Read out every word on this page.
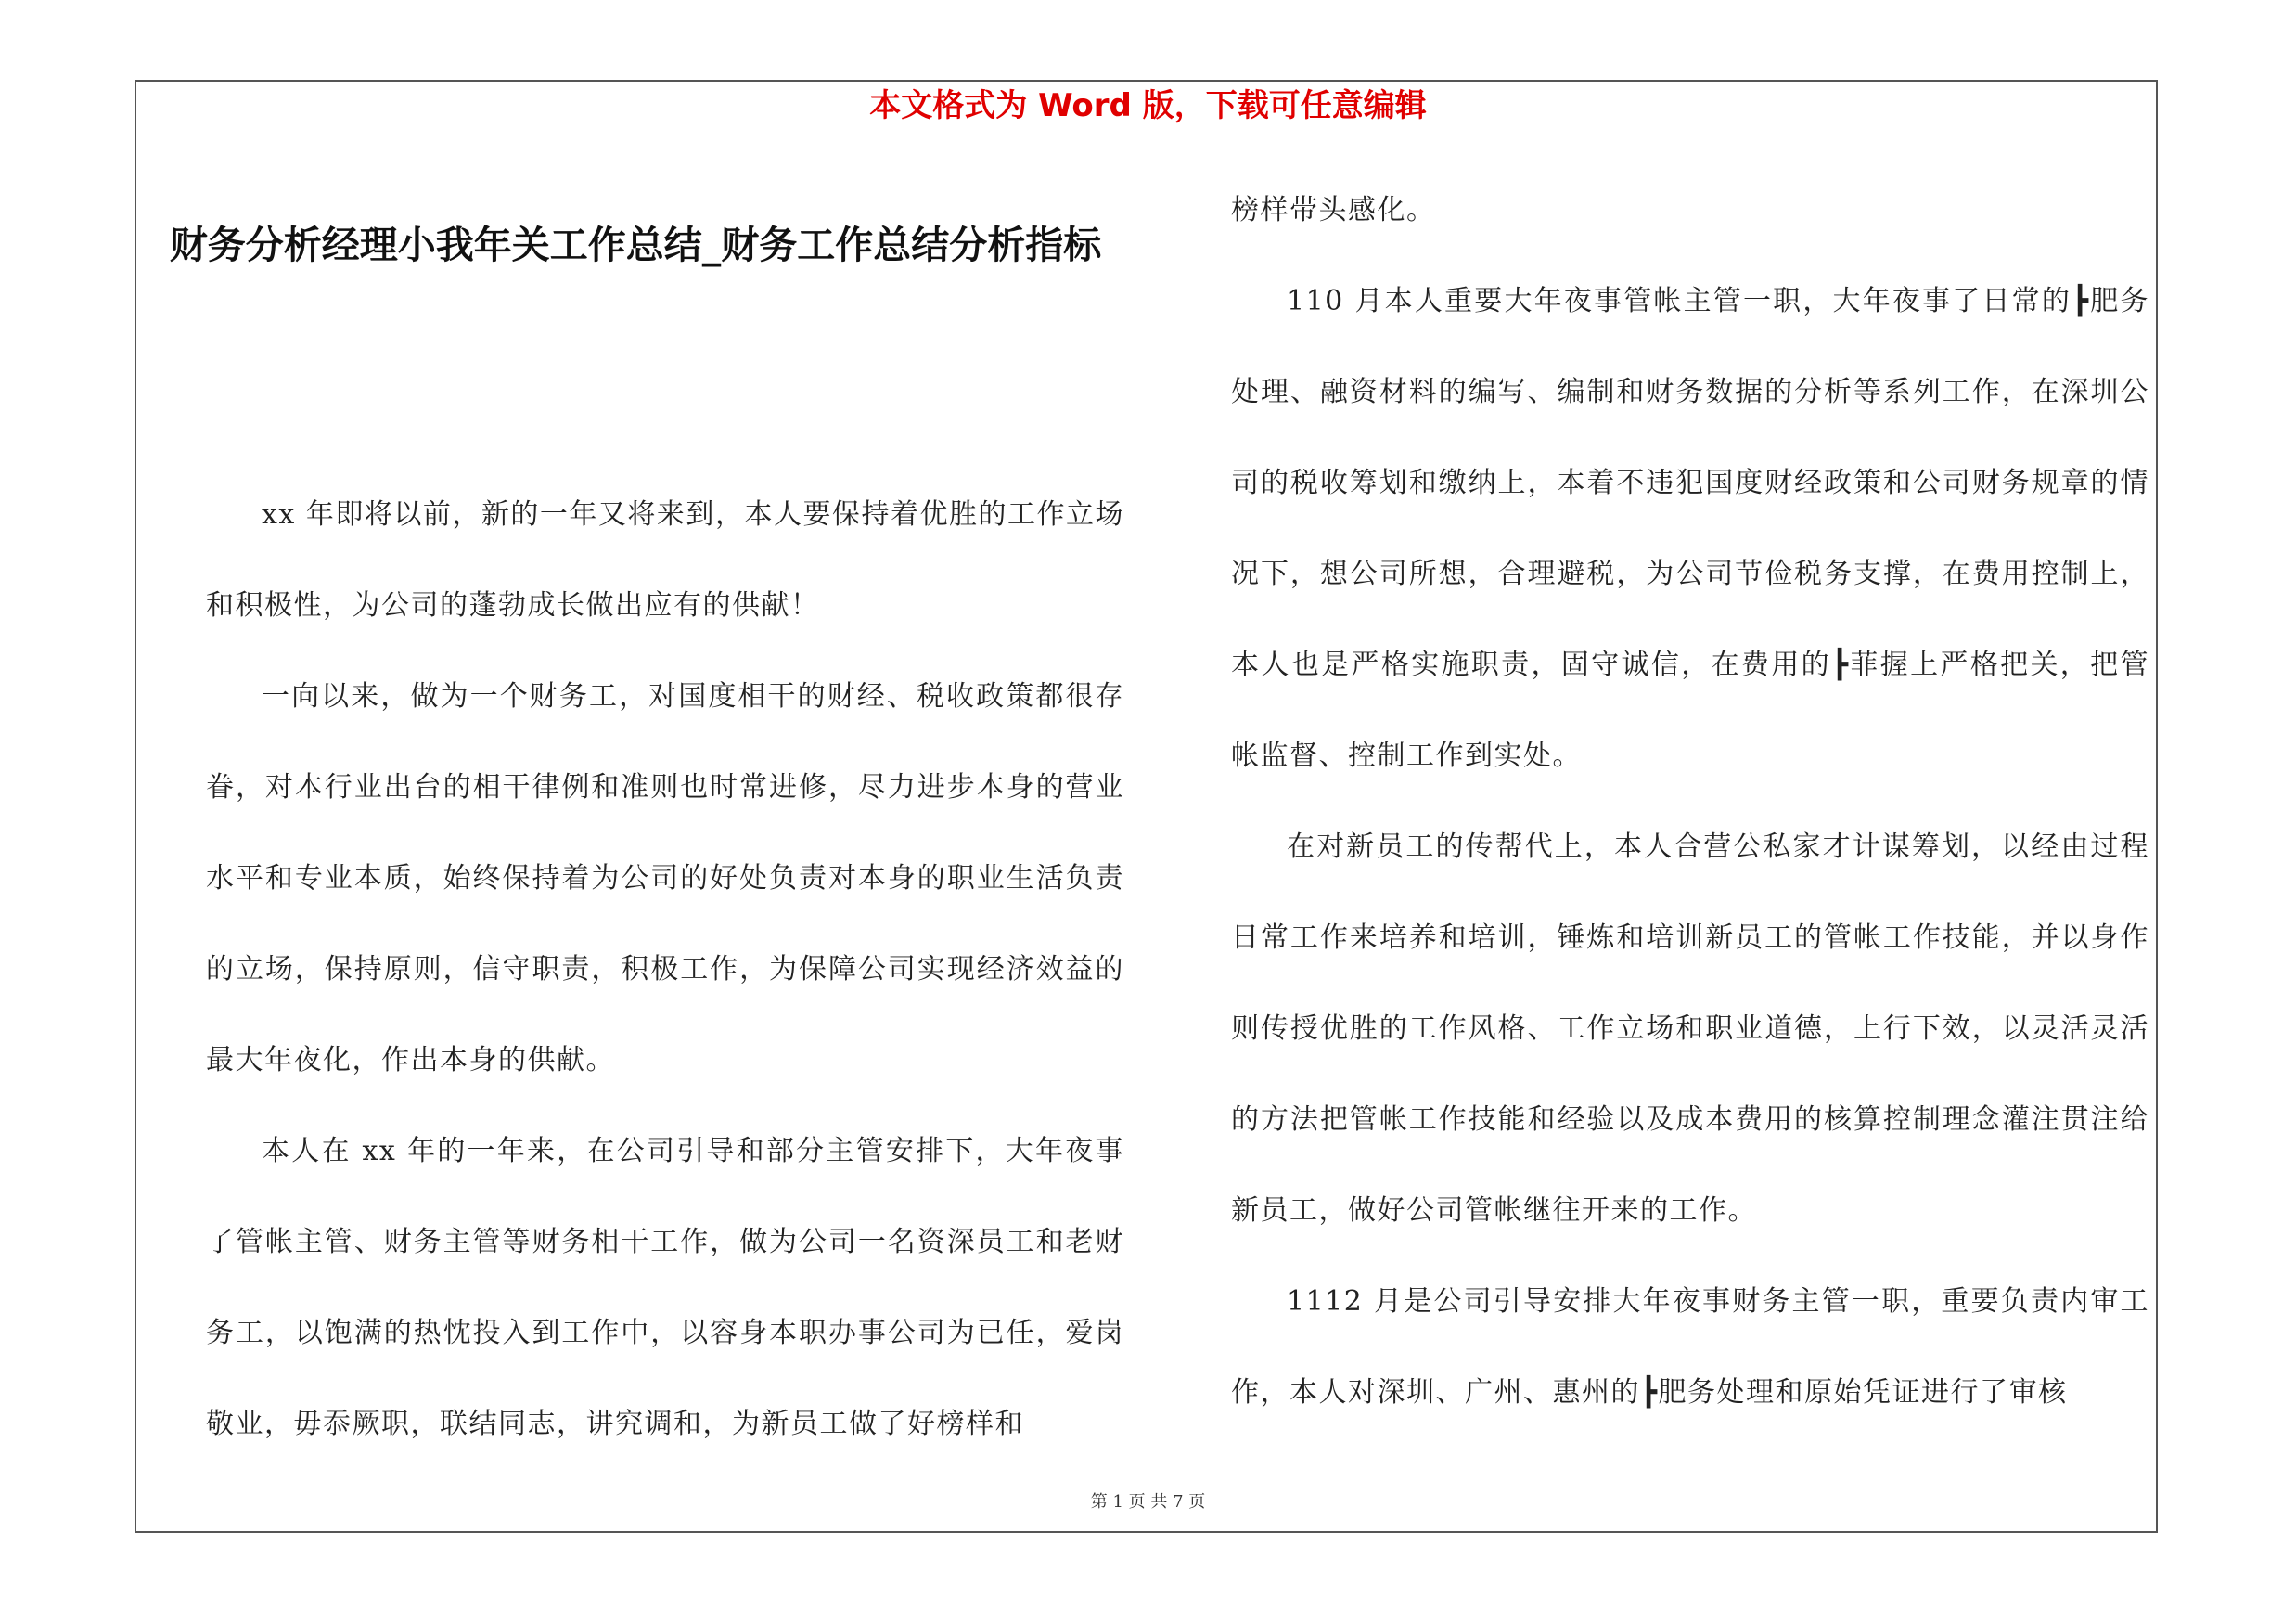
本文格式为 Word 版，下载可任意编辑
财务分析经理小我年关工作总结_财务工作总结分析指标

xx 年即将以前，新的一年又将来到，本人要保持着优胜的工作立场和积极性，为公司的蓬勃成长做出应有的供献！

一向以来，做为一个财务工，对国度相干的财经、税收政策都很存眷，对本行业出台的相干律例和准则也时常进修，尽力进步本身的营业水平和专业本质，始终保持着为公司的好处负责对本身的职业生活负责的立场，保持原则，信守职责，积极工作，为保障公司实现经济效益的最大年夜化，作出本身的供献。

本人在 xx 年的一年来，在公司引导和部分主管安排下，大年夜事了管帐主管、财务主管等财务相干工作，做为公司一名资深员工和老财务工，以饱满的热忱投入到工作中，以容身本职办事公司为已任，爱岗敬业，毋忝厥职，联结同志，讲究调和，为新员工做了好榜样和

榜样带头感化。

110 月本人重要大年夜事管帐主管一职，大年夜事了日常的┣肥务处理、融资材料的编写、编制和财务数据的分析等系列工作，在深圳公司的税收筹划和缴纳上，本着不违犯国度财经政策和公司财务规章的情况下，想公司所想，合理避税，为公司节俭税务支撑，在费用控制上，本人也是严格实施职责，固守诚信，在费用的┣菲握上严格把关，把管帐监督、控制工作到实处。

在对新员工的传帮代上，本人合营公私家才计谋筹划，以经由过程日常工作来培养和培训，锤炼和培训新员工的管帐工作技能，并以身作则传授优胜的工作风格、工作立场和职业道德，上行下效，以灵活灵活的方法把管帐工作技能和经验以及成本费用的核算控制理念灌注贯注给新员工，做好公司管帐继往开来的工作。

1112 月是公司引导安排大年夜事财务主管一职，重要负责内审工作，本人对深圳、广州、惠州的┣肥务处理和原始凭证进行了审核

第 1 页 共 7 页
